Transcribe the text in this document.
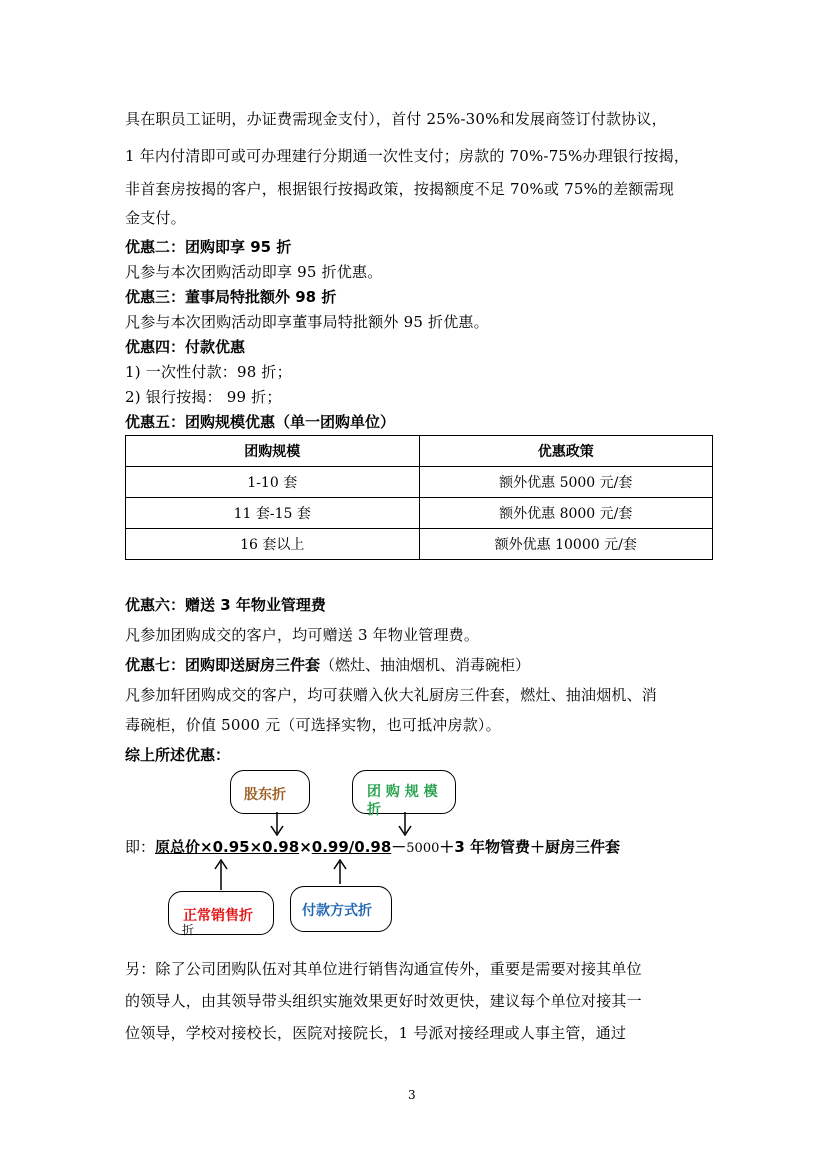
具在职员工证明，办证费需现金支付），首付 25%-30%和发展商签订付款协议，
1 年内付清即可或可办理建行分期通一次性支付；房款的 70%-75%办理银行按揭，
非首套房按揭的客户，根据银行按揭政策，按揭额度不足 70%或 75%的差额需现
金支付。
优惠二：团购即享 95 折
凡参与本次团购活动即享 95 折优惠。
优惠三：董事局特批额外 98 折
凡参与本次团购活动即享董事局特批额外 95 折优惠。
优惠四：付款优惠
1) 一次性付款：98 折；
2) 银行按揭： 99 折；
优惠五：团购规模优惠（单一团购单位）
团购规模	优惠政策
1-10 套	额外优惠 5000 元/套
11 套-15 套	额外优惠 8000 元/套
16 套以上	额外优惠 10000 元/套
优惠六：赠送 3 年物业管理费
凡参加团购成交的客户，均可赠送 3 年物业管理费。
优惠七：团购即送厨房三件套（燃灶、抽油烟机、消毒碗柜）
凡参加轩团购成交的客户，均可获赠入伙大礼厨房三件套，燃灶、抽油烟机、消
毒碗柜，价值 5000 元（可选择实物，也可抵冲房款）。
综上所述优惠：
股东折	团 购 规 模
折
即：原总价×0.95×0.98×0.99/0.98－5000＋3 年物管费＋厨房三件套
正常销售折
折
付款方式折
另：除了公司团购队伍对其单位进行销售沟通宣传外，重要是需要对接其单位
的领导人，由其领导带头组织实施效果更好时效更快，建议每个单位对接其一
位领导，学校对接校长，医院对接院长，1 号派对接经理或人事主管，通过
3
